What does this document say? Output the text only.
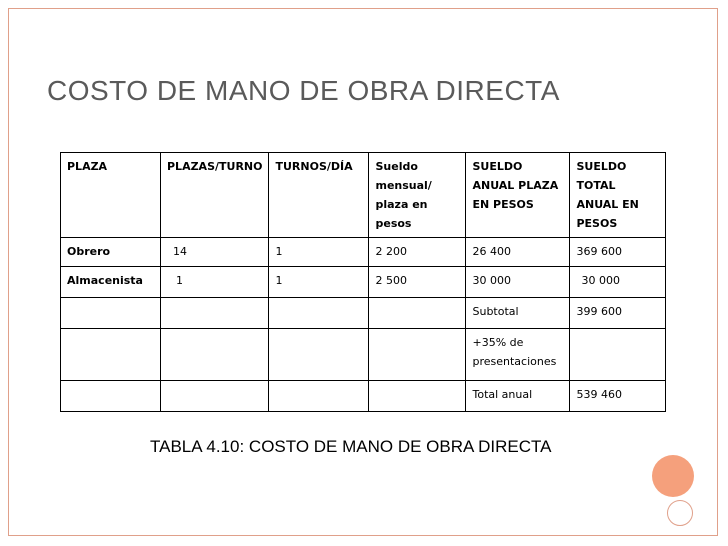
COSTO DE MANO DE OBRA DIRECTA
PLAZA	PLAZAS/TURNO	TURNOS/DÍA	Sueldo mensual/ plaza en pesos	SUELDO ANUAL PLAZA EN PESOS	SUELDO TOTAL ANUAL EN PESOS
Obrero	14	1	2 200	26 400	369 600
Almacenista	1	1	2 500	30 000	30 000
				Subtotal	399 600
				+35% de presentaciones	
				Total anual	539 460
TABLA 4.10: COSTO DE MANO DE OBRA DIRECTA
